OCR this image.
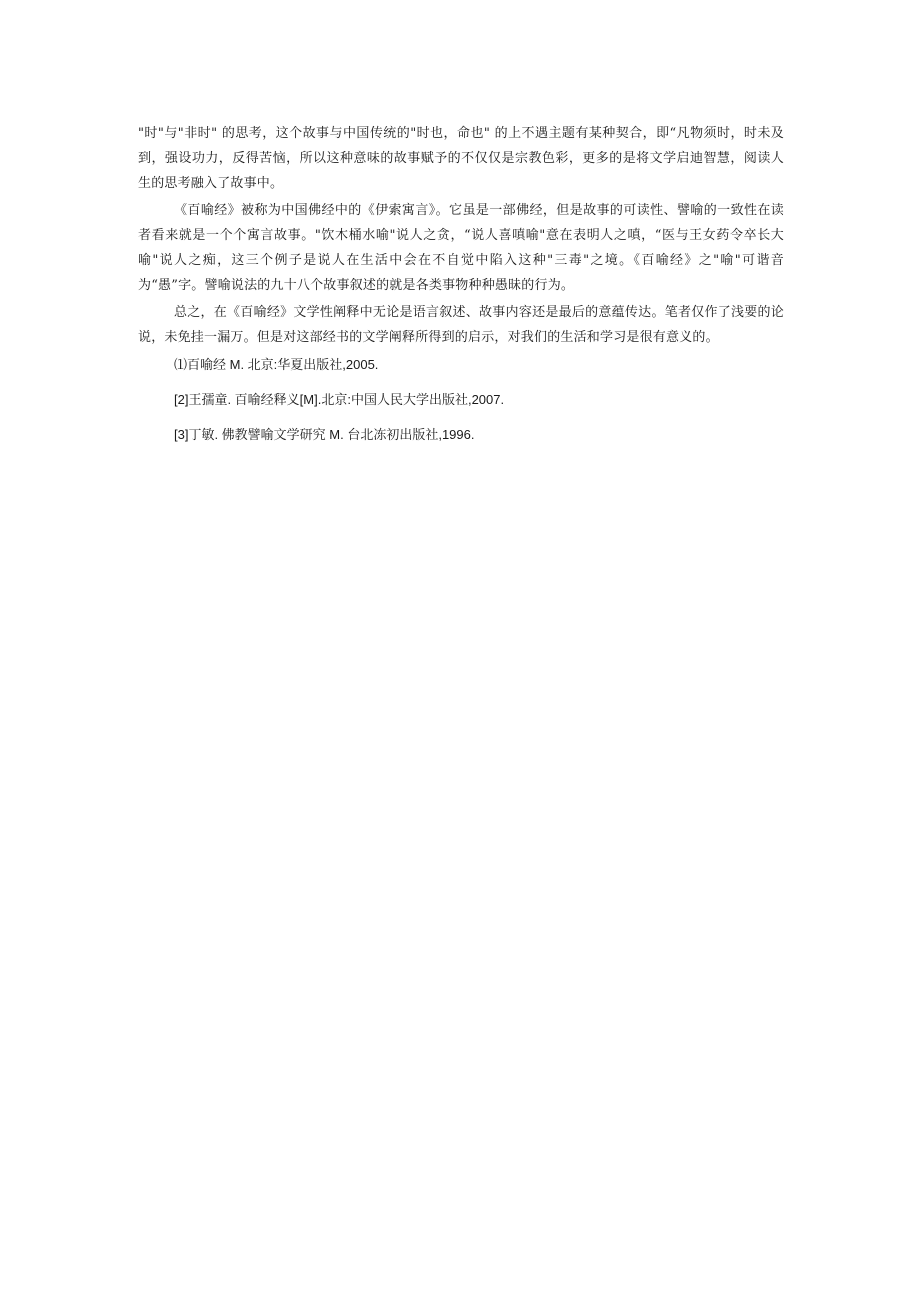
"时"与"非时" 的思考，这个故事与中国传统的"时也，命也" 的上不遇主题有某种契合，即“凡物须时，时未及到，强设功力，反得苦恼，所以这种意味的故事赋予的不仅仅是宗教色彩，更多的是将文学启迪智慧，阅读人生的思考融入了故事中。

《百喻经》被称为中国佛经中的《伊索寓言》。它虽是一部佛经，但是故事的可读性、譬喻的一致性在读者看来就是一个个寓言故事。"饮木桶水喻"说人之贪，“说人喜嗔喻"意在表明人之嗔，“医与王女药令卒长大喻"说人之痴，这三个例子是说人在生活中会在不自觉中陷入这种"三毒"之境。《百喻经》之"喻"可谐音为“愚”字。譬喻说法的九十八个故事叙述的就是各类事物种种愚昧的行为。

总之，在《百喻经》文学性阐释中无论是语言叙述、故事内容还是最后的意蕴传达。笔者仅作了浅要的论说，未免挂一漏万。但是对这部经书的文学阐释所得到的启示，对我们的生活和学习是很有意义的。

⑴百喻经 M. 北京:华夏出版社,2005.
[2]王孺童. 百喻经释义[M].北京:中国人民大学出版社,2007.
[3]丁敏. 佛教譬喻文学研究 M. 台北冻初出版社,1996.
